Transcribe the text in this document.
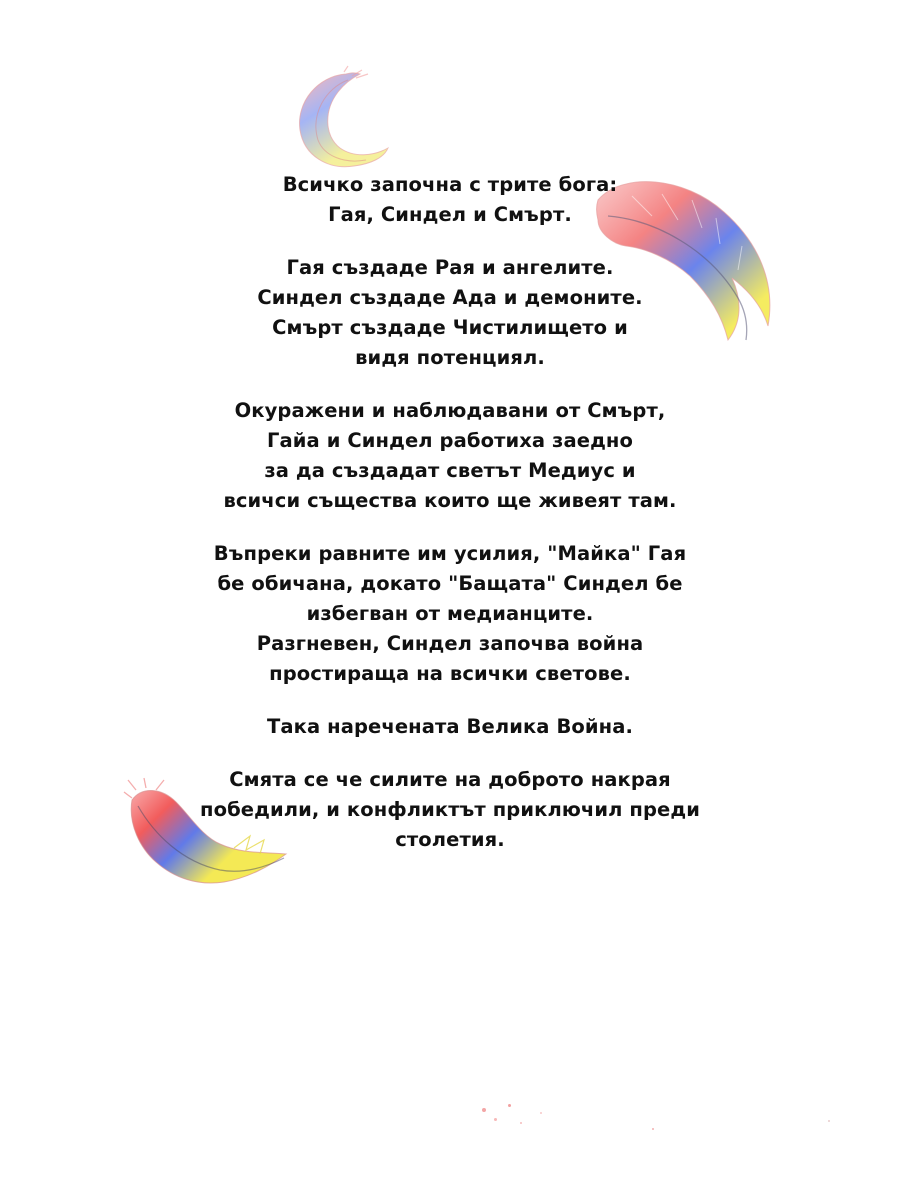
Всичко започна с трите бога:
Гая, Синдел и Смърт.
Гая създаде Рая и ангелите.
Синдел създаде Ада и демоните.
Смърт създаде Чистилището и
видя потенциял.
Окуражени и наблюдавани от Смърт,
Гайа и Синдел работиха заедно
за да създадат светът Медиус и
всичси същества които ще живеят там.
Въпреки равните им усилия, "Майка" Гая
бе обичана, докато "Бащата" Синдел бе
избегван от медианците.
Разгневен, Синдел започва война
простираща на всички светове.
Така наречената Велика Война.
Смята се че силите на доброто накрая
победили, и конфликтът приключил преди
столетия.
